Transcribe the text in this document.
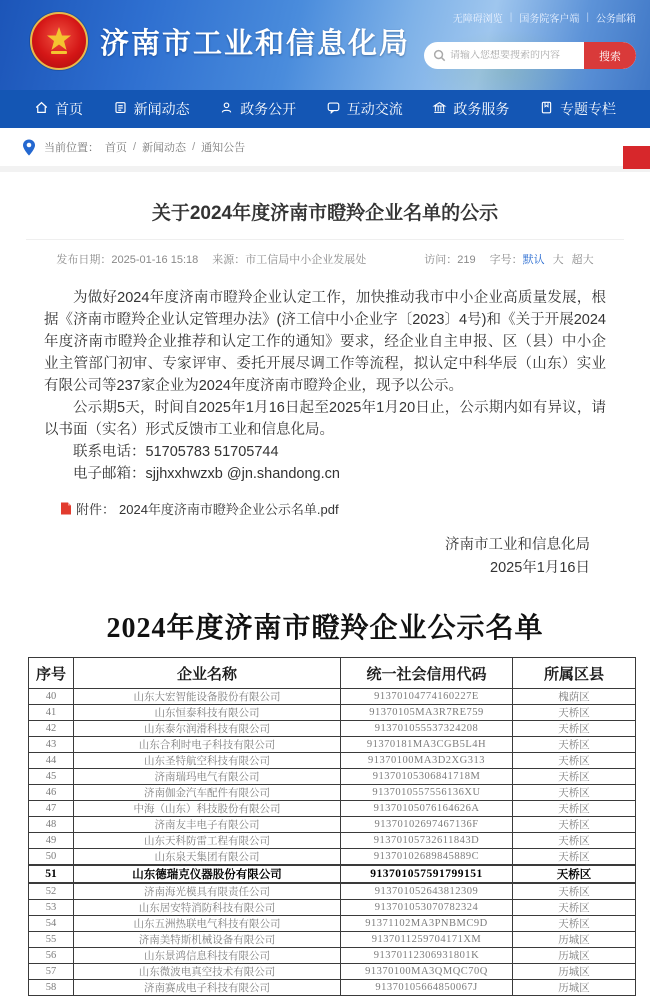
无障碍浏览 | 国务院客户端 | 公务邮箱
济南市工业和信息化局
请输入您想要搜索的内容	搜索
首页	新闻动态	政务公开	互动交流	政务服务	专题专栏
当前位置： 首页 / 新闻动态 / 通知公告
关于2024年度济南市瞪羚企业名单的公示
发布日期：2025-01-16 15:18 来源：市工信局中小企业发展处	访问：219 字号： 默认 大 超大

为做好2024年度济南市瞪羚企业认定工作，加快推动我市中小企业高质量发展，根据《济南市瞪羚企业认定管理办法》(济工信中小企业字〔2023〕4号)和《关于开展2024年度济南市瞪羚企业推荐和认定工作的通知》要求，经企业自主申报、区（县）中小企业主管部门初审、专家评审、委托开展尽调工作等流程，拟认定中科华辰（山东）实业有限公司等237家企业为2024年度济南市瞪羚企业，现予以公示。

公示期5天，时间自2025年1月16日起至2025年1月20日止，公示期内如有异议，请以书面（实名）形式反馈市工业和信息化局。

联系电话：51705783 51705744
电子邮箱：sjjhxxhwzxb @jn.shandong.cn
附件： 2024年度济南市瞪羚企业公示名单.pdf
济南市工业和信息化局
2025年1月16日
2024年度济南市瞪羚企业公示名单
序号	企业名称	统一社会信用代码	所属区县
40	山东大宏智能设备股份有限公司	91370104774160227E	槐荫区
41	山东恒泰科技有限公司	91370105MA3R7RE759	天桥区
42	山东泰尔润滑科技有限公司	913701055537324208	天桥区
43	山东合利时电子科技有限公司	91370181MA3CGB5L4H	天桥区
44	山东圣特航空科技有限公司	91370100MA3D2XG313	天桥区
45	济南瑞玛电气有限公司	91370105306841718M	天桥区
46	济南伽金汽车配件有限公司	9137010557556136XU	天桥区
47	中海（山东）科技股份有限公司	91370105076164626A	天桥区
48	济南友丰电子有限公司	91370102697467136F	天桥区
49	山东天科防雷工程有限公司	91370105732611843D	天桥区
50	山东泉天集团有限公司	91370102689845889C	天桥区
51	山东德瑞克仪器股份有限公司	913701057591799151	天桥区
52	济南海光模具有限责任公司	913701052643812309	天桥区
53	山东居安特消防科技有限公司	913701053070782324	天桥区
54	山东五洲热联电气科技有限公司	91371102MA3PNBMC9D	天桥区
55	济南美特斯机械设备有限公司	9137011259704171XM	历城区
56	山东景鸿信息科技有限公司	91370112306931801K	历城区
57	山东微波电真空技术有限公司	91370100MA3QMQC70Q	历城区
58	济南赛成电子科技有限公司	91370105664850067J	历城区
